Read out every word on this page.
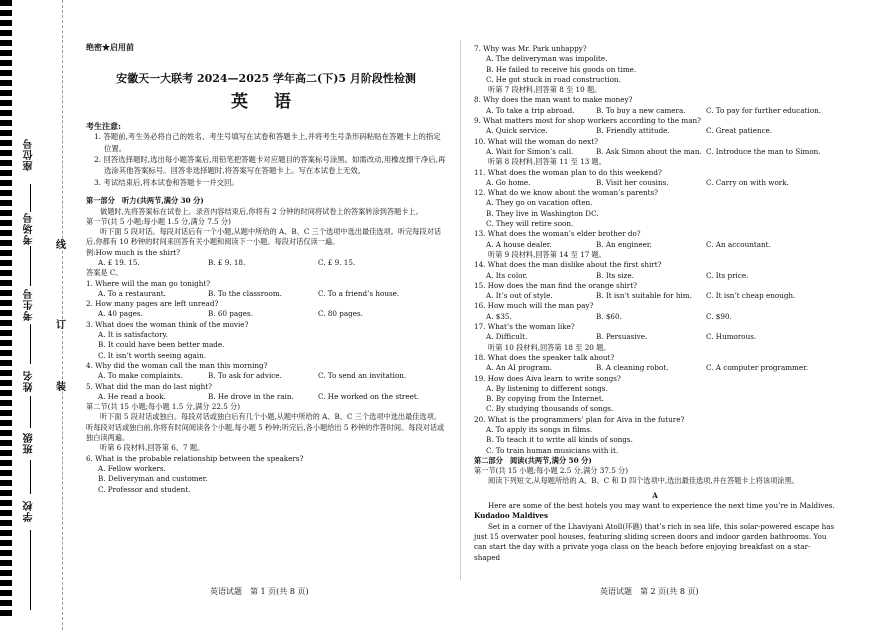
座位号
考场号
考生号
姓名
班级
学校
线
订
装

绝密★启用前

安徽天一大联考 2024—2025 学年高二(下)5 月阶段性检测

英 语

考生注意:

1. 答题前,考生务必将自己的姓名、考生号填写在试卷和答题卡上,并将考生号条形码粘贴在答题卡上的指定位置。

2. 回答选择题时,选出每小题答案后,用铅笔把答题卡对应题目的答案标号涂黑。如需改动,用橡皮擦干净后,再选涂其他答案标号。回答非选择题时,将答案写在答题卡上。写在本试卷上无效。

3. 考试结束后,将本试卷和答题卡一并交回。

第一部分　听力(共两节,满分 30 分)

做题时,先将答案标在试卷上。录音内容结束后,你将有 2 分钟的时间将试卷上的答案转涂到答题卡上。

第一节(共 5 小题;每小题 1.5 分,满分 7.5 分)

听下面 5 段对话。每段对话后有一个小题,从题中所给的 A、B、C 三个选项中选出最佳选项。听完每段对话后,你都有 10 秒钟的时间来回答有关小题和阅读下一小题。每段对话仅读一遍。

例:How much is the shirt?

A. £ 19. 15.	B. £ 9. 18.	C. £ 9. 15.

答案是 C。

1. Where will the man go tonight?

A. To a restaurant.	B. To the classroom.	C. To a friend’s house.

2. How many pages are left unread?

A. 40 pages.	B. 60 pages.	C. 80 pages.

3. What does the woman think of the movie?

A. It is satisfactory.

B. It could have been better made.

C. It isn’t worth seeing again.

4. Why did the woman call the man this morning?

A. To make complaints.	B. To ask for advice.	C. To send an invitation.

5. What did the man do last night?

A. He read a book.	B. He drove in the rain.	C. He worked on the street.

第二节(共 15 小题;每小题 1.5 分,满分 22.5 分)

听下面 5 段对话或独白。每段对话或独白后有几个小题,从题中所给的 A、B、C 三个选项中选出最佳选项。听每段对话或独白前,你将有时间阅读各个小题,每小题 5 秒钟;听完后,各小题给出 5 秒钟的作答时间。每段对话或独白读两遍。

听第 6 段材料,回答第 6、7 题。

6. What is the probable relationship between the speakers?

A. Fellow workers.

B. Deliveryman and customer.

C. Professor and student.

7. Why was Mr. Park unhappy?

A. The deliveryman was impolite.

B. He failed to receive his goods on time.

C. He got stuck in road construction.

听第 7 段材料,回答第 8 至 10 题。

8. Why does the man want to make money?

A. To take a trip abroad.	B. To buy a new camera.	C. To pay for further education.

9. What matters most for shop workers according to the man?

A. Quick service.	B. Friendly attitude.	C. Great patience.

10. What will the woman do next?

A. Wait for Simon’s call.	B. Ask Simon about the man. C. Introduce the man to Simon.

听第 8 段材料,回答第 11 至 13 题。

11. What does the woman plan to do this weekend?

A. Go home.	B. Visit her cousins.	C. Carry on with work.

12. What do we know about the woman’s parents?

A. They go on vacation often.

B. They live in Washington DC.

C. They will retire soon.

13. What does the woman’s elder brother do?

A. A house dealer.	B. An engineer.	C. An accountant.

听第 9 段材料,回答第 14 至 17 题。

14. What does the man dislike about the first shirt?

A. Its color.	B. Its size.	C. Its price.

15. How does the man find the orange shirt?

A. It’s out of style.	B. It isn’t suitable for him.	C. It isn’t cheap enough.

16. How much will the man pay?

A. $35.	B. $60.	C. $90.

17. What’s the woman like?

A. Difficult.	B. Persuasive.	C. Humorous.

听第 10 段材料,回答第 18 至 20 题。

18. What does the speaker talk about?

A. An AI program.	B. A cleaning robot.	C. A computer programmer.

19. How does Aiva learn to write songs?

A. By listening to different songs.

B. By copying from the Internet.

C. By studying thousands of songs.

20. What is the programmers’ plan for Aiva in the future?

A. To apply its songs in films.

B. To teach it to write all kinds of songs.

C. To train human musicians with it.

第二部分　阅读(共两节,满分 50 分)

第一节(共 15 小题;每小题 2.5 分,满分 37.5 分)

阅读下列短文,从每题所给的 A、B、C 和 D 四个选项中,选出最佳选项,并在答题卡上将该项涂黑。

A

Here are some of the best hotels you may want to experience the next time you’re in Maldives.

Kudadoo Maldives

Set in a corner of the Lhaviyani Atoll(环礁) that’s rich in sea life, this solar-powered escape has just 15 overwater pool houses, featuring sliding screen doors and indoor garden bathrooms. You can start the day with a private yoga class on the beach before enjoying breakfast on a star-shaped

英语试题　第 1 页(共 8 页)	英语试题　第 2 页(共 8 页)
